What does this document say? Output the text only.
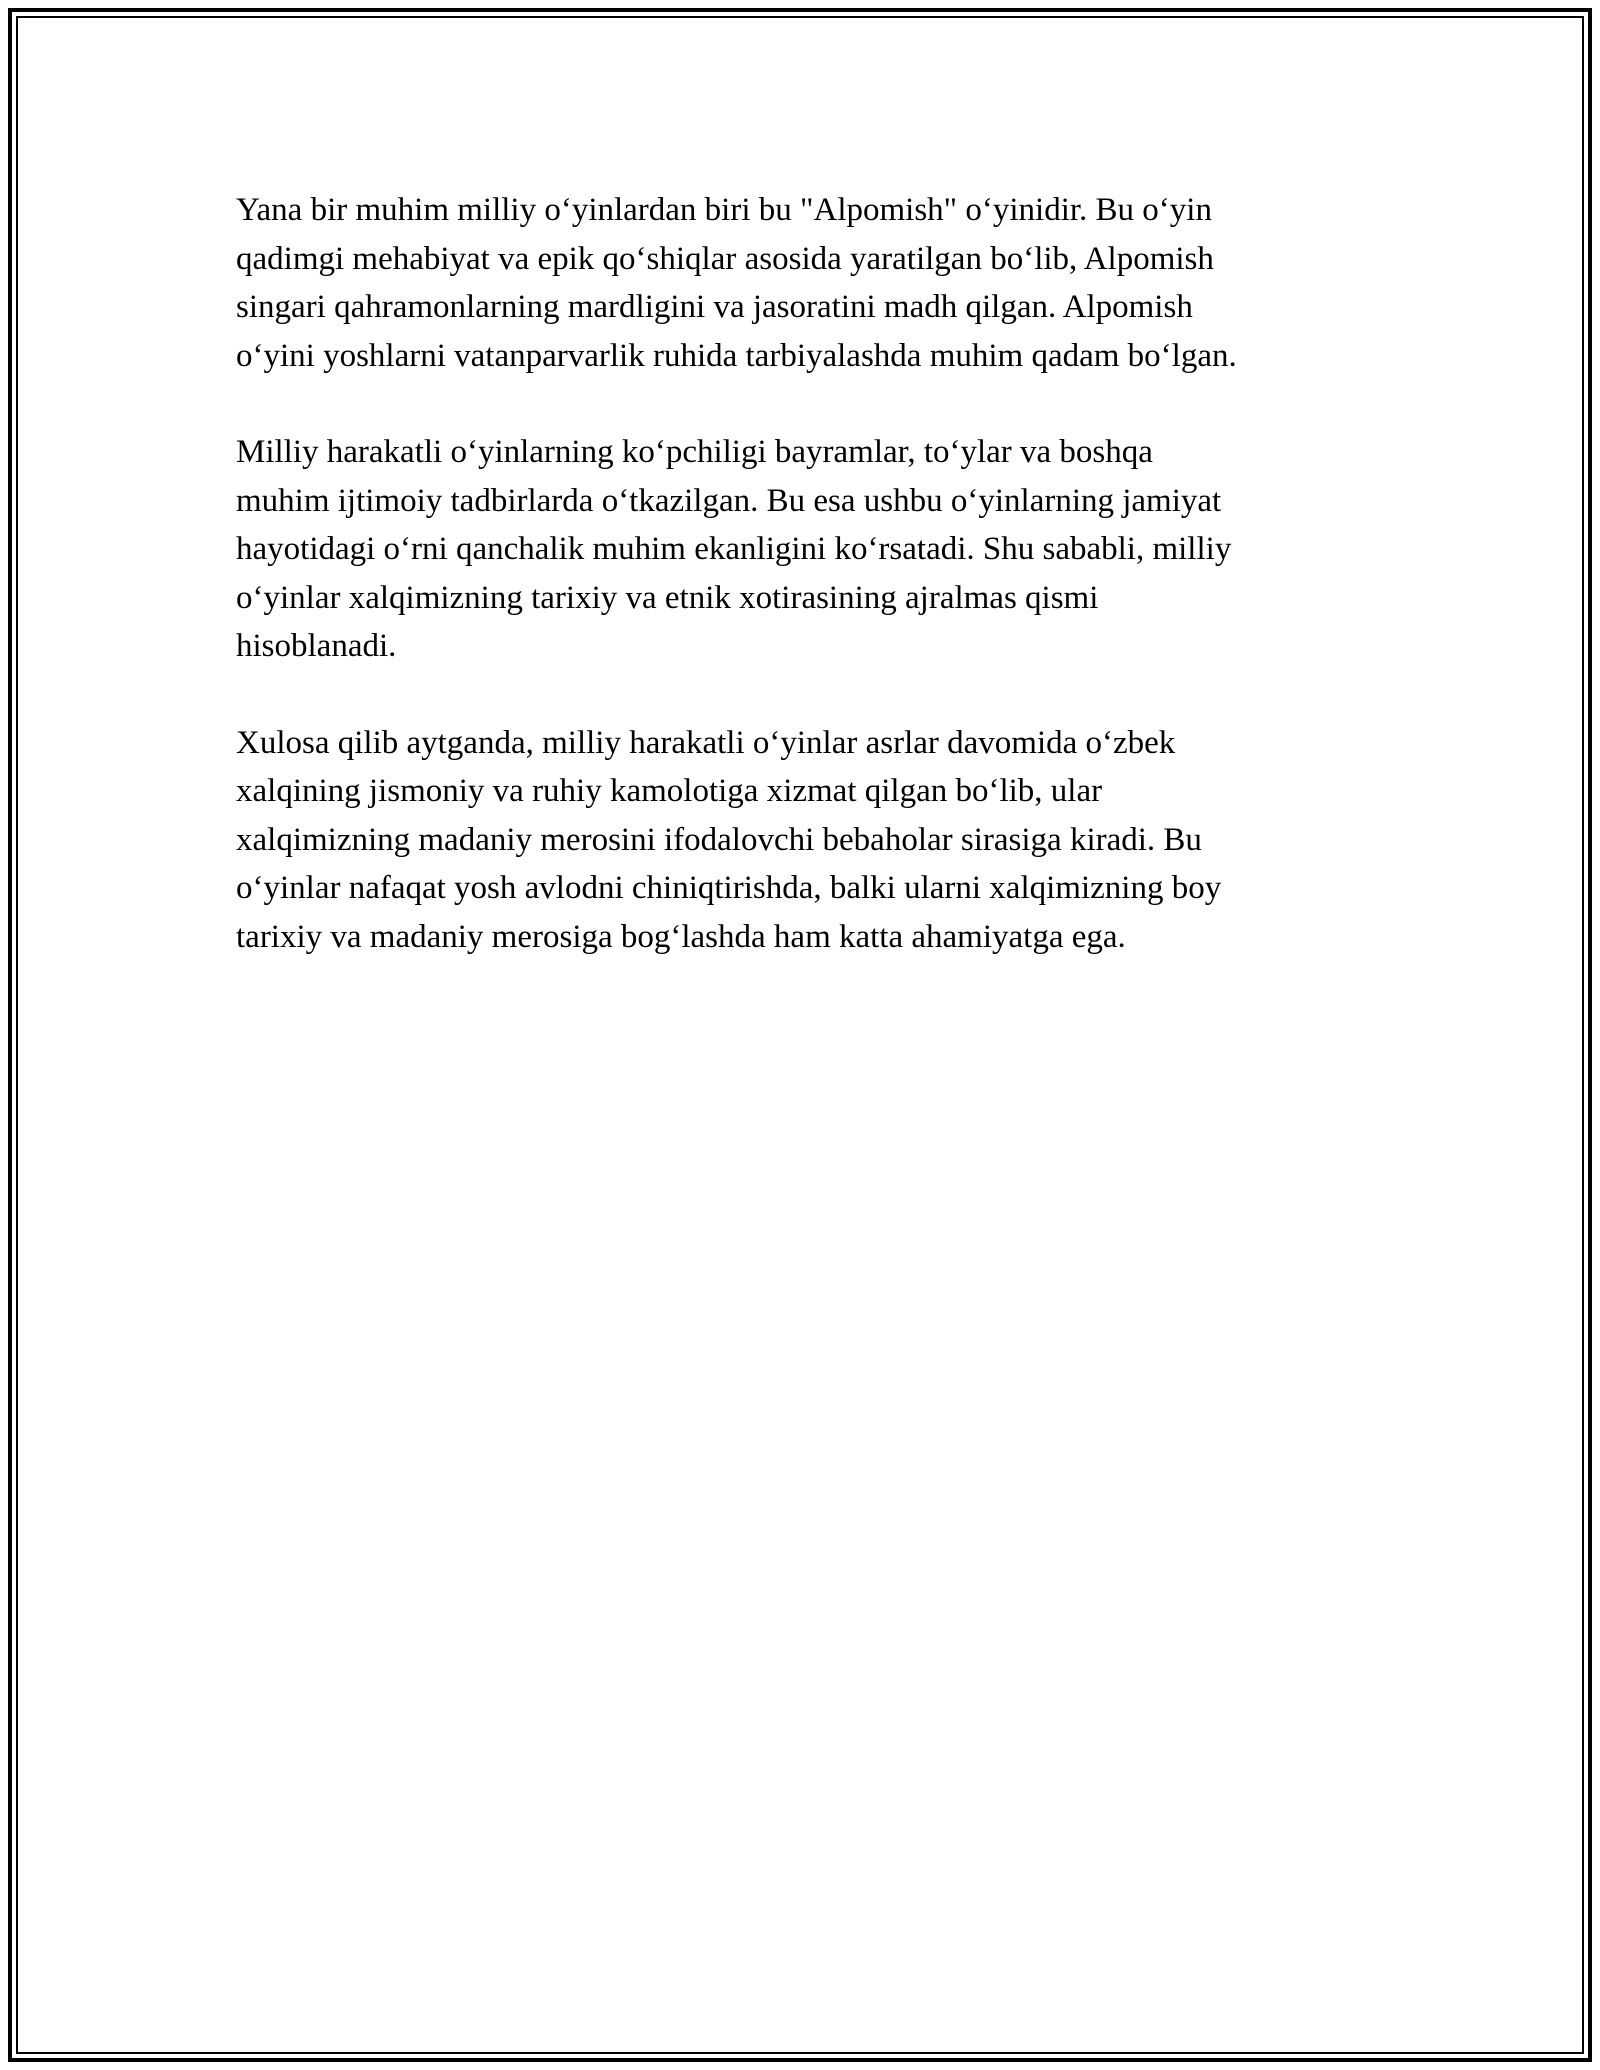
Yana bir muhim milliy o‘yinlardan biri bu "Alpomish" o‘yinidir. Bu o‘yin
qadimgi mehabiyat va epik qo‘shiqlar asosida yaratilgan bo‘lib, Alpomish
singari qahramonlarning mardligini va jasoratini madh qilgan. Alpomish
o‘yini yoshlarni vatanparvarlik ruhida tarbiyalashda muhim qadam bo‘lgan.

Milliy harakatli o‘yinlarning ko‘pchiligi bayramlar, to‘ylar va boshqa
muhim ijtimoiy tadbirlarda o‘tkazilgan. Bu esa ushbu o‘yinlarning jamiyat
hayotidagi o‘rni qanchalik muhim ekanligini ko‘rsatadi. Shu sababli, milliy
o‘yinlar xalqimizning tarixiy va etnik xotirasining ajralmas qismi
hisoblanadi.

Xulosa qilib aytganda, milliy harakatli o‘yinlar asrlar davomida o‘zbek
xalqining jismoniy va ruhiy kamolotiga xizmat qilgan bo‘lib, ular
xalqimizning madaniy merosini ifodalovchi bebaholar sirasiga kiradi. Bu
o‘yinlar nafaqat yosh avlodni chiniqtirishda, balki ularni xalqimizning boy
tarixiy va madaniy merosiga bog‘lashda ham katta ahamiyatga ega.
